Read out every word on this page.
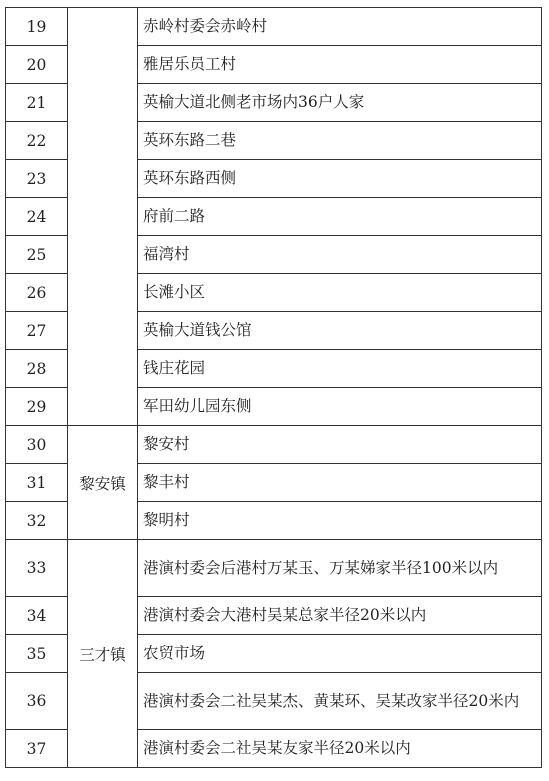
19		赤岭村委会赤岭村
20		雅居乐员工村
21		英榆大道北侧老市场内36户人家
22		英环东路二巷
23		英环东路西侧
24		府前二路
25		福湾村
26		长滩小区
27		英榆大道钱公馆
28		钱庄花园
29		军田幼儿园东侧
30	黎安镇	黎安村
31		黎丰村
32		黎明村
33	三才镇	港演村委会后港村万某玉、万某娣家半径100米以内
34		港演村委会大港村吴某总家半径20米以内
35		农贸市场
36		港演村委会二社吴某杰、黄某环、吴某改家半径20米内
37		港演村委会二社吴某友家半径20米以内
